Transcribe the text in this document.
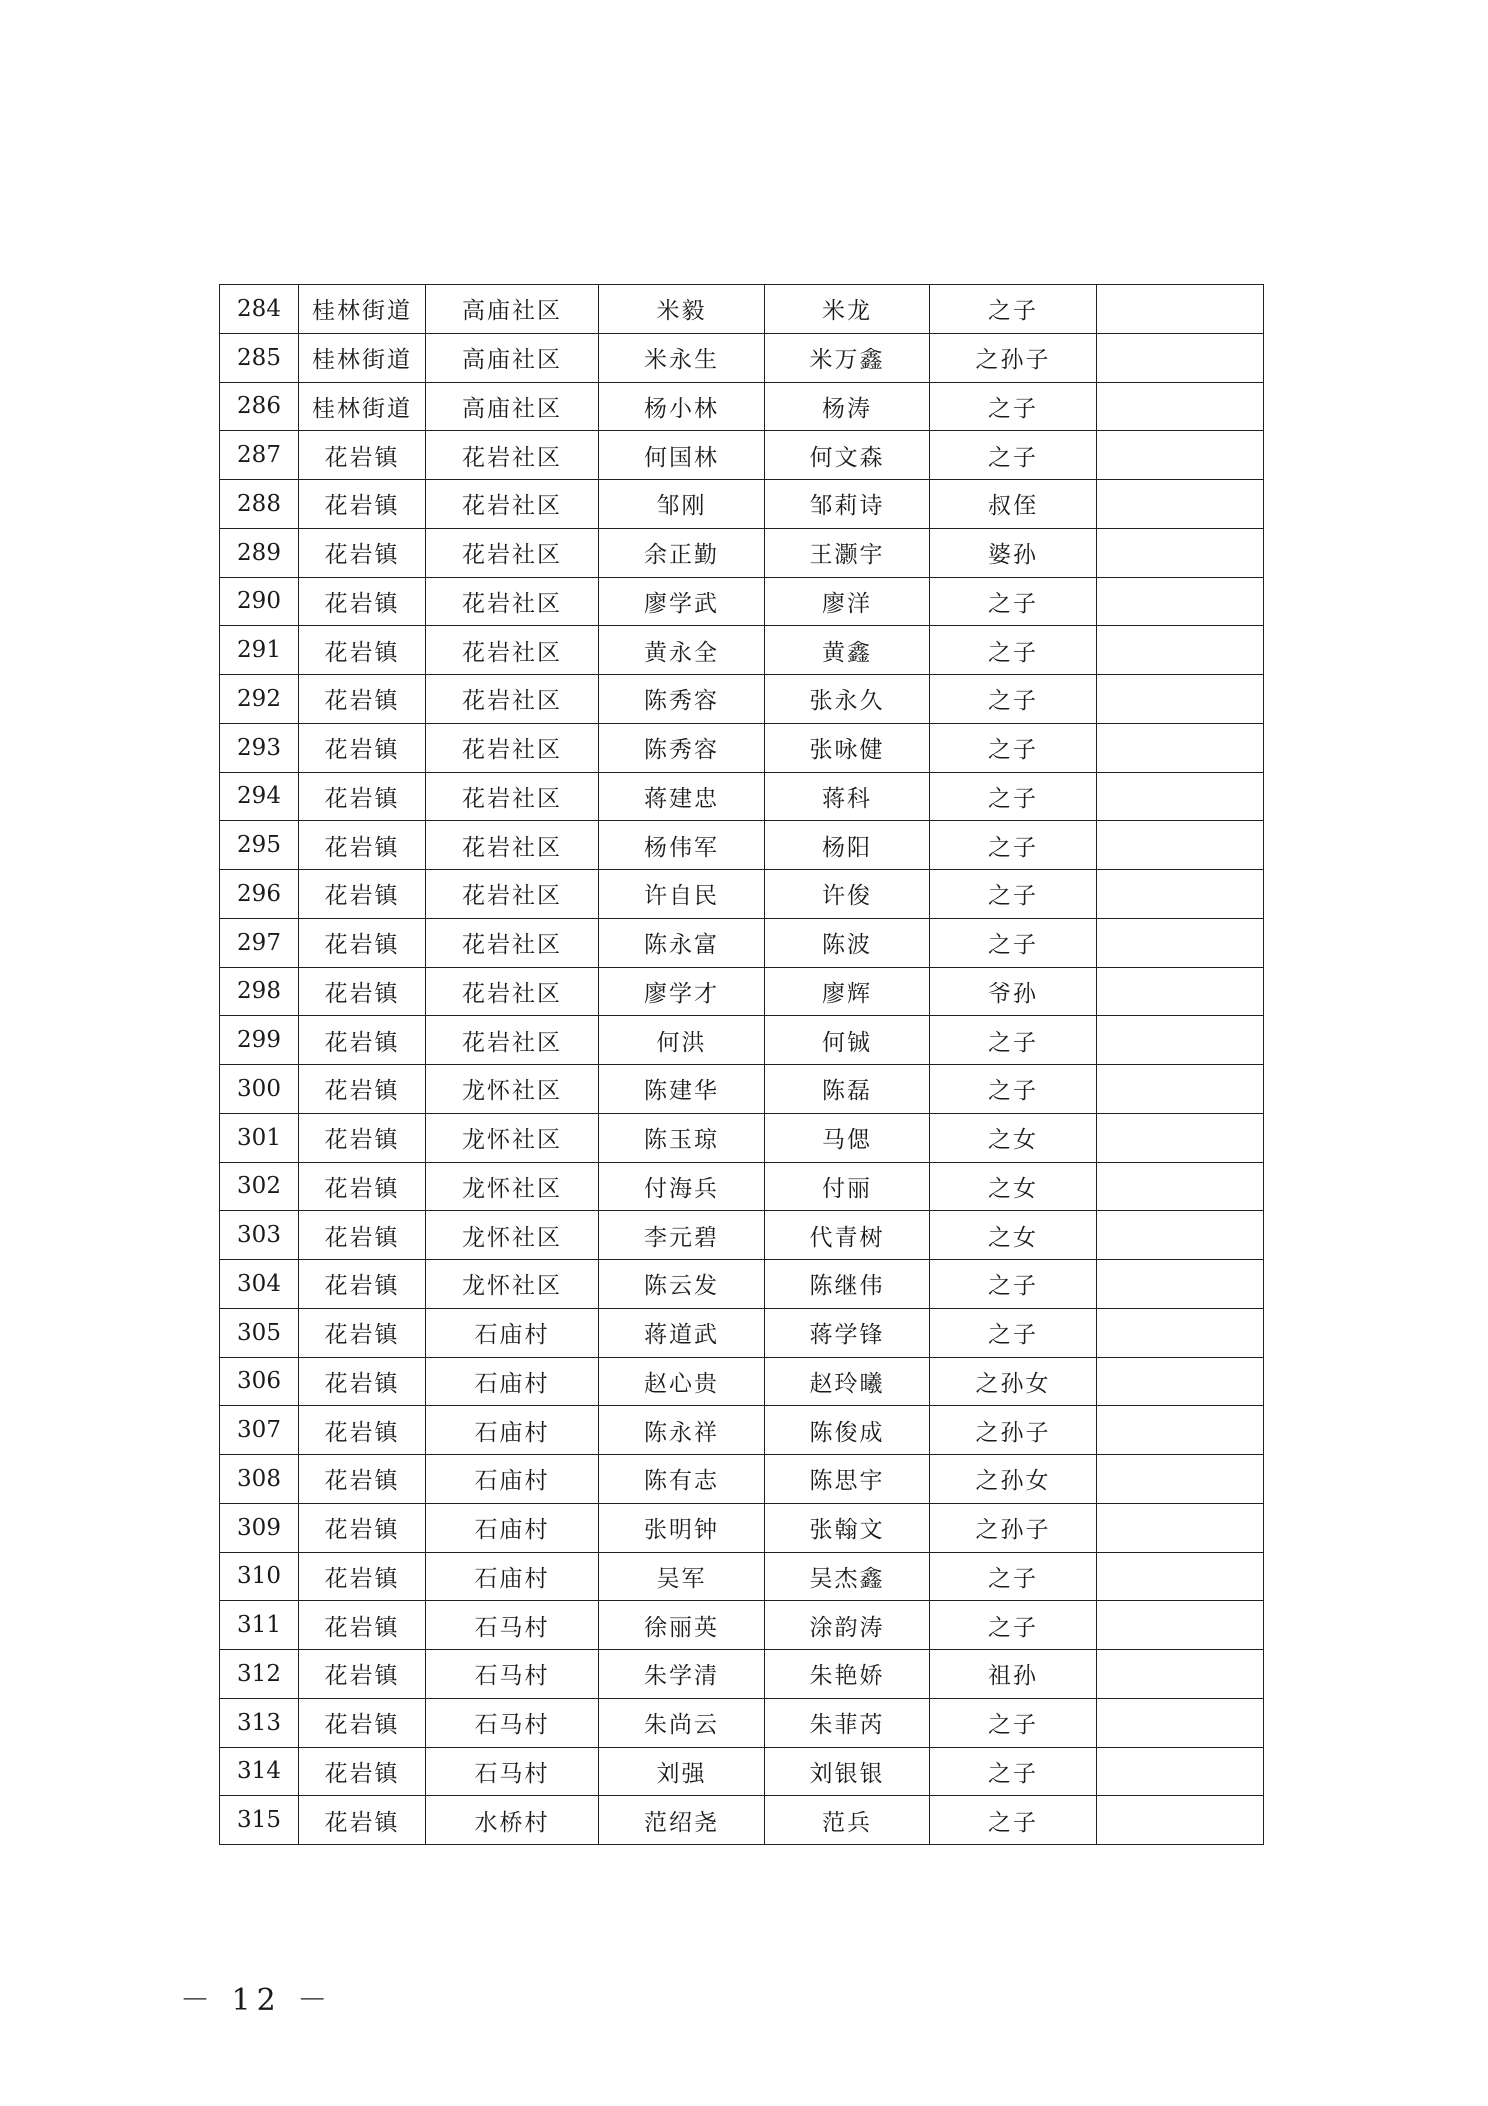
284	桂林街道	高庙社区	米毅	米龙	之子	
285	桂林街道	高庙社区	米永生	米万鑫	之孙子	
286	桂林街道	高庙社区	杨小林	杨涛	之子	
287	花岩镇	花岩社区	何国林	何文森	之子	
288	花岩镇	花岩社区	邹刚	邹莉诗	叔侄	
289	花岩镇	花岩社区	余正勤	王灏宇	婆孙	
290	花岩镇	花岩社区	廖学武	廖洋	之子	
291	花岩镇	花岩社区	黄永全	黄鑫	之子	
292	花岩镇	花岩社区	陈秀容	张永久	之子	
293	花岩镇	花岩社区	陈秀容	张咏健	之子	
294	花岩镇	花岩社区	蒋建忠	蒋科	之子	
295	花岩镇	花岩社区	杨伟军	杨阳	之子	
296	花岩镇	花岩社区	许自民	许俊	之子	
297	花岩镇	花岩社区	陈永富	陈波	之子	
298	花岩镇	花岩社区	廖学才	廖辉	爷孙	
299	花岩镇	花岩社区	何洪	何铖	之子	
300	花岩镇	龙怀社区	陈建华	陈磊	之子	
301	花岩镇	龙怀社区	陈玉琼	马偲	之女	
302	花岩镇	龙怀社区	付海兵	付丽	之女	
303	花岩镇	龙怀社区	李元碧	代青树	之女	
304	花岩镇	龙怀社区	陈云发	陈继伟	之子	
305	花岩镇	石庙村	蒋道武	蒋学锋	之子	
306	花岩镇	石庙村	赵心贵	赵玲曦	之孙女	
307	花岩镇	石庙村	陈永祥	陈俊成	之孙子	
308	花岩镇	石庙村	陈有志	陈思宇	之孙女	
309	花岩镇	石庙村	张明钟	张翰文	之孙子	
310	花岩镇	石庙村	吴军	吴杰鑫	之子	
311	花岩镇	石马村	徐丽英	涂韵涛	之子	
312	花岩镇	石马村	朱学清	朱艳娇	祖孙	
313	花岩镇	石马村	朱尚云	朱菲芮	之子	
314	花岩镇	石马村	刘强	刘银银	之子	
315	花岩镇	水桥村	范绍尧	范兵	之子	
－ 12 －
